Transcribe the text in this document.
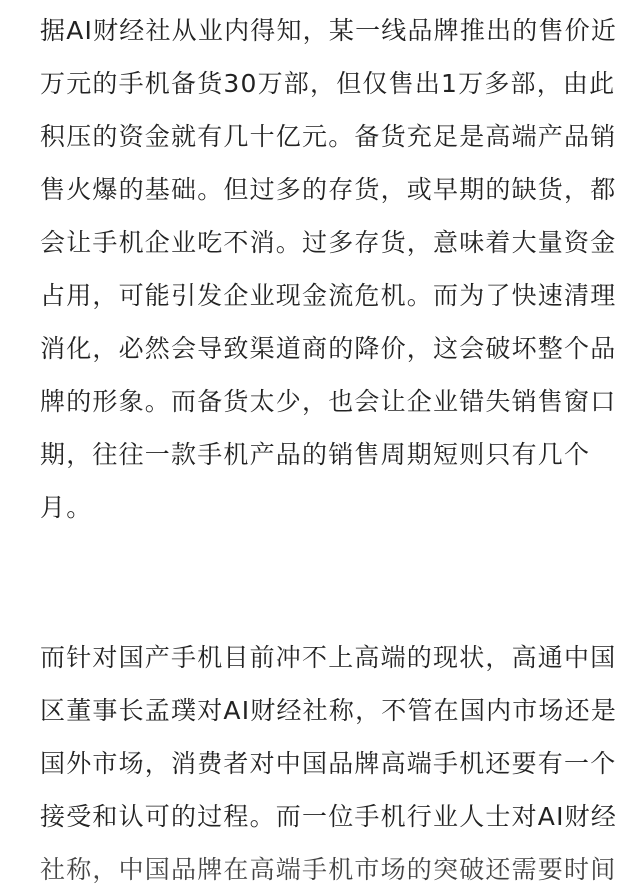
据AI财经社从业内得知，某一线品牌推出的售价近
万元的手机备货30万部，但仅售出1万多部，由此
积压的资金就有几十亿元。备货充足是高端产品销
售火爆的基础。但过多的存货，或早期的缺货，都
会让手机企业吃不消。过多存货，意味着大量资金
占用，可能引发企业现金流危机。而为了快速清理
消化，必然会导致渠道商的降价，这会破坏整个品
牌的形象。而备货太少，也会让企业错失销售窗口
期，往往一款手机产品的销售周期短则只有几个
月。

而针对国产手机目前冲不上高端的现状，高通中国
区董事长孟璞对AI财经社称，不管在国内市场还是
国外市场，消费者对中国品牌高端手机还要有一个
接受和认可的过程。而一位手机行业人士对AI财经
社称，中国品牌在高端手机市场的突破还需要时间
